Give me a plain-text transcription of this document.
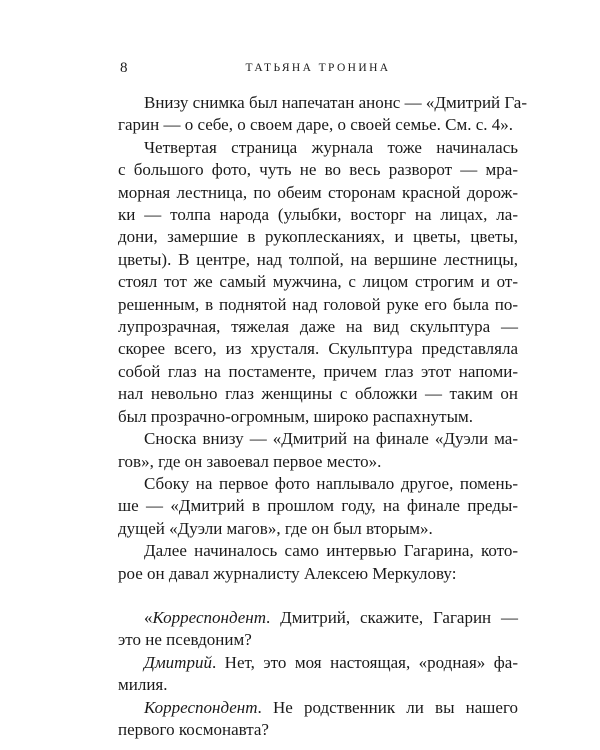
8	ТАТЬЯНА ТРОНИНА

Внизу снимка был напечатан анонс — «Дмитрий Га-
гарин — о себе, о своем даре, о своей семье. См. с. 4».

Четвертая страница журнала тоже начиналась
с большого фото, чуть не во весь разворот — мра-
морная лестница, по обеим сторонам красной дорож-
ки — толпа народа (улыбки, восторг на лицах, ла-
дони, замершие в рукоплесканиях, и цветы, цветы,
цветы). В центре, над толпой, на вершине лестницы,
стоял тот же самый мужчина, с лицом строгим и от-
решенным, в поднятой над головой руке его была по-
лупрозрачная, тяжелая даже на вид скульптура —
скорее всего, из хрусталя. Скульптура представляла
собой глаз на постаменте, причем глаз этот напоми-
нал невольно глаз женщины с обложки — таким он
был прозрачно-огромным, широко распахнутым.

Сноска внизу — «Дмитрий на финале «Дуэли ма-
гов», где он завоевал первое место».

Сбоку на первое фото наплывало другое, помень-
ше — «Дмитрий в прошлом году, на финале преды-
дущей «Дуэли магов», где он был вторым».

Далее начиналось само интервью Гагарина, кото-
рое он давал журналисту Алексею Меркулову:

«Корреспондент. Дмитрий, скажите, Гагарин —
это не псевдоним?

Дмитрий. Нет, это моя настоящая, «родная» фа-
милия.

Корреспондент. Не родственник ли вы нашего
первого космонавта?
